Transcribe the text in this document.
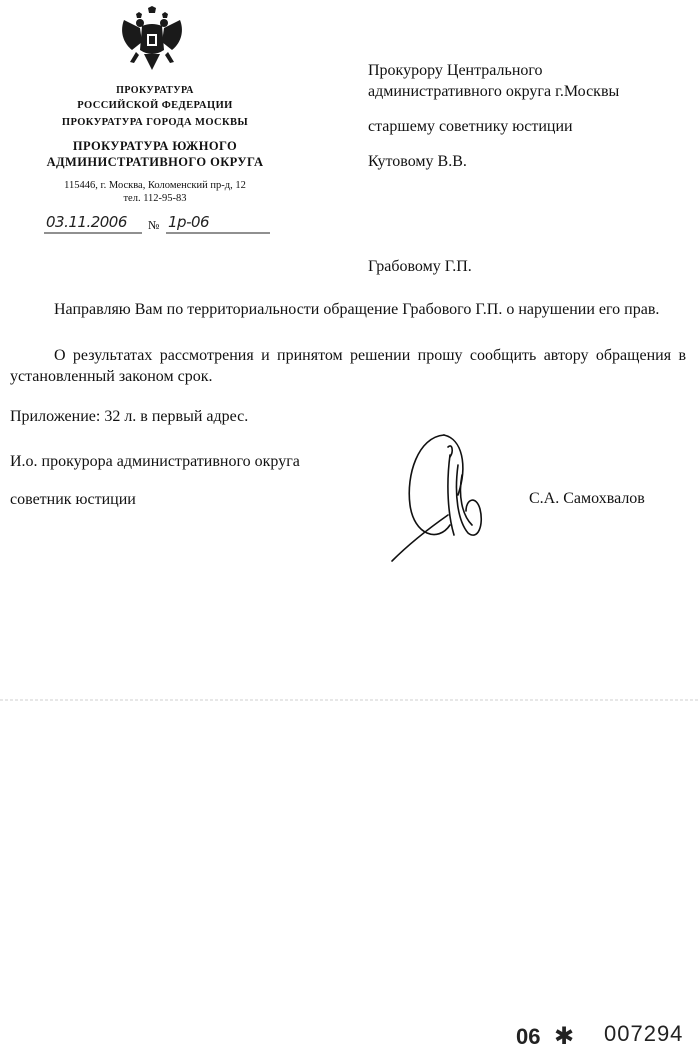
ПРОКУРАТУРА
РОССИЙСКОЙ ФЕДЕРАЦИИ
ПРОКУРАТУРА ГОРОДА МОСКВЫ
ПРОКУРАТУРА ЮЖНОГО
АДМИНИСТРАТИВНОГО ОКРУГА
115446, г. Москва, Коломенский пр-д, 12
тел. 112-95-83
03.11.2006 № 1р-06
Прокурору Центрального
административного округа г.Москвы
старшему советнику юстиции
Кутовому В.В.
Грабовому Г.П.
Направляю Вам по территориальности обращение Грабового Г.П. о нарушении его прав.
О результатах рассмотрения и принятом решении прошу сообщить автору обращения в установленный законом срок.
Приложение: 32 л. в первый адрес.
И.о. прокурора административного округа
советник юстиции	С.А. Самохвалов
06 ✱ 007294
